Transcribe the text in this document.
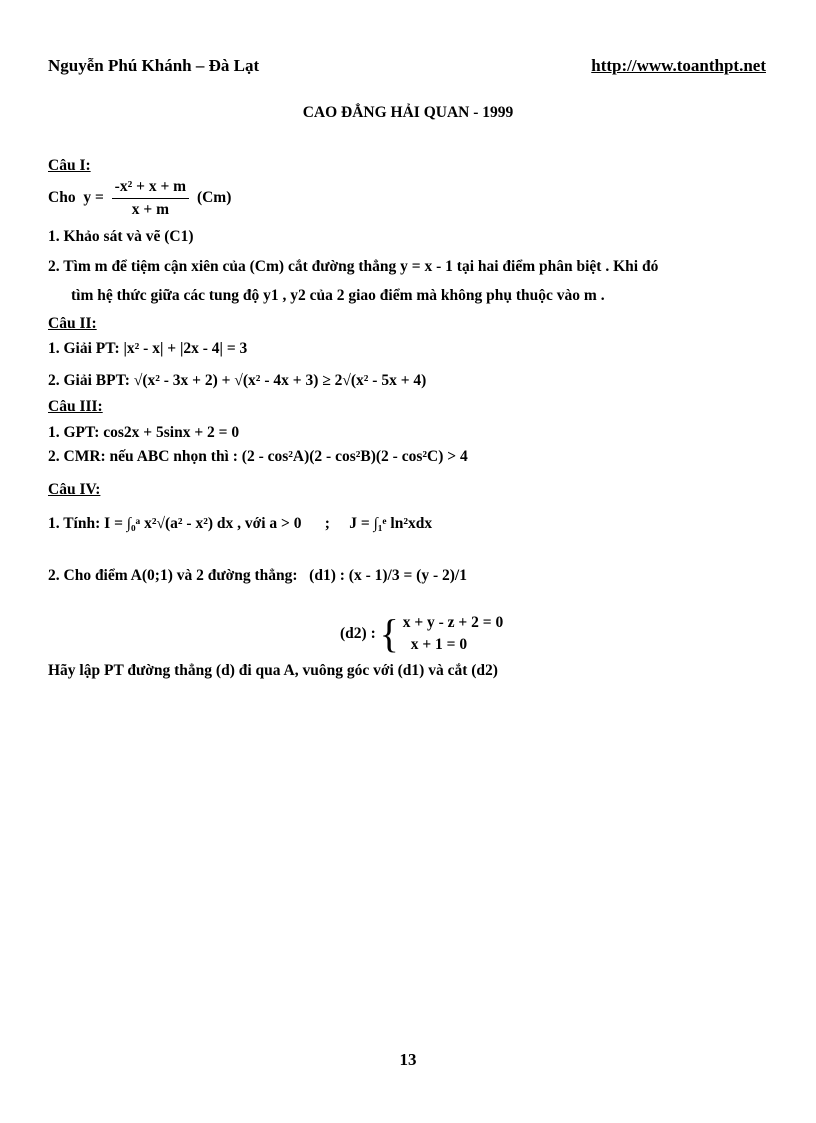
Nguyễn Phú Khánh – Đà Lạt	http://www.toanthpt.net
CAO ĐẲNG HẢI QUAN - 1999
Câu I:
Cho $y = \frac{\text{-x² + x + m}}{x + m} (Cm)$
1. Khảo sát và vẽ (C1)
2. Tìm m để tiệm cận xiên của (Cm) cắt đường thẳng y = x - 1 tại hai điểm phân biệt . Khi đó
tìm hệ thức giữa các tung độ y1 , y2 của 2 giao điểm mà không phụ thuộc vào m .
Câu II:
1. Giải PT: |x² - x| + |2x - 4| = 3
2. Giải BPT: √(x² - 3x + 2) + √(x² - 4x + 3) ≥ 2√(x² - 5x + 4)
Câu III:
1. GPT: cos2x + 5sinx + 2 = 0
2. CMR: nếu ABC nhọn thì : (2 - cos²A)(2 - cos²B)(2 - cos²C) > 4
Câu IV:
1. Tính: I = ∫₀ᵃ x²√(a² - x²) dx , với a > 0 ; J = ∫₁ᵉ ln²xdx
2. Cho điểm A(0;1) và 2 đường thẳng: (d1) : (x - 1)/3 = (y - 2)/1
(d2) : { x + y - z + 2 = 0
x + 1 = 0
Hãy lập PT đường thẳng (d) đi qua A, vuông góc với (d1) và cắt (d2)
13
